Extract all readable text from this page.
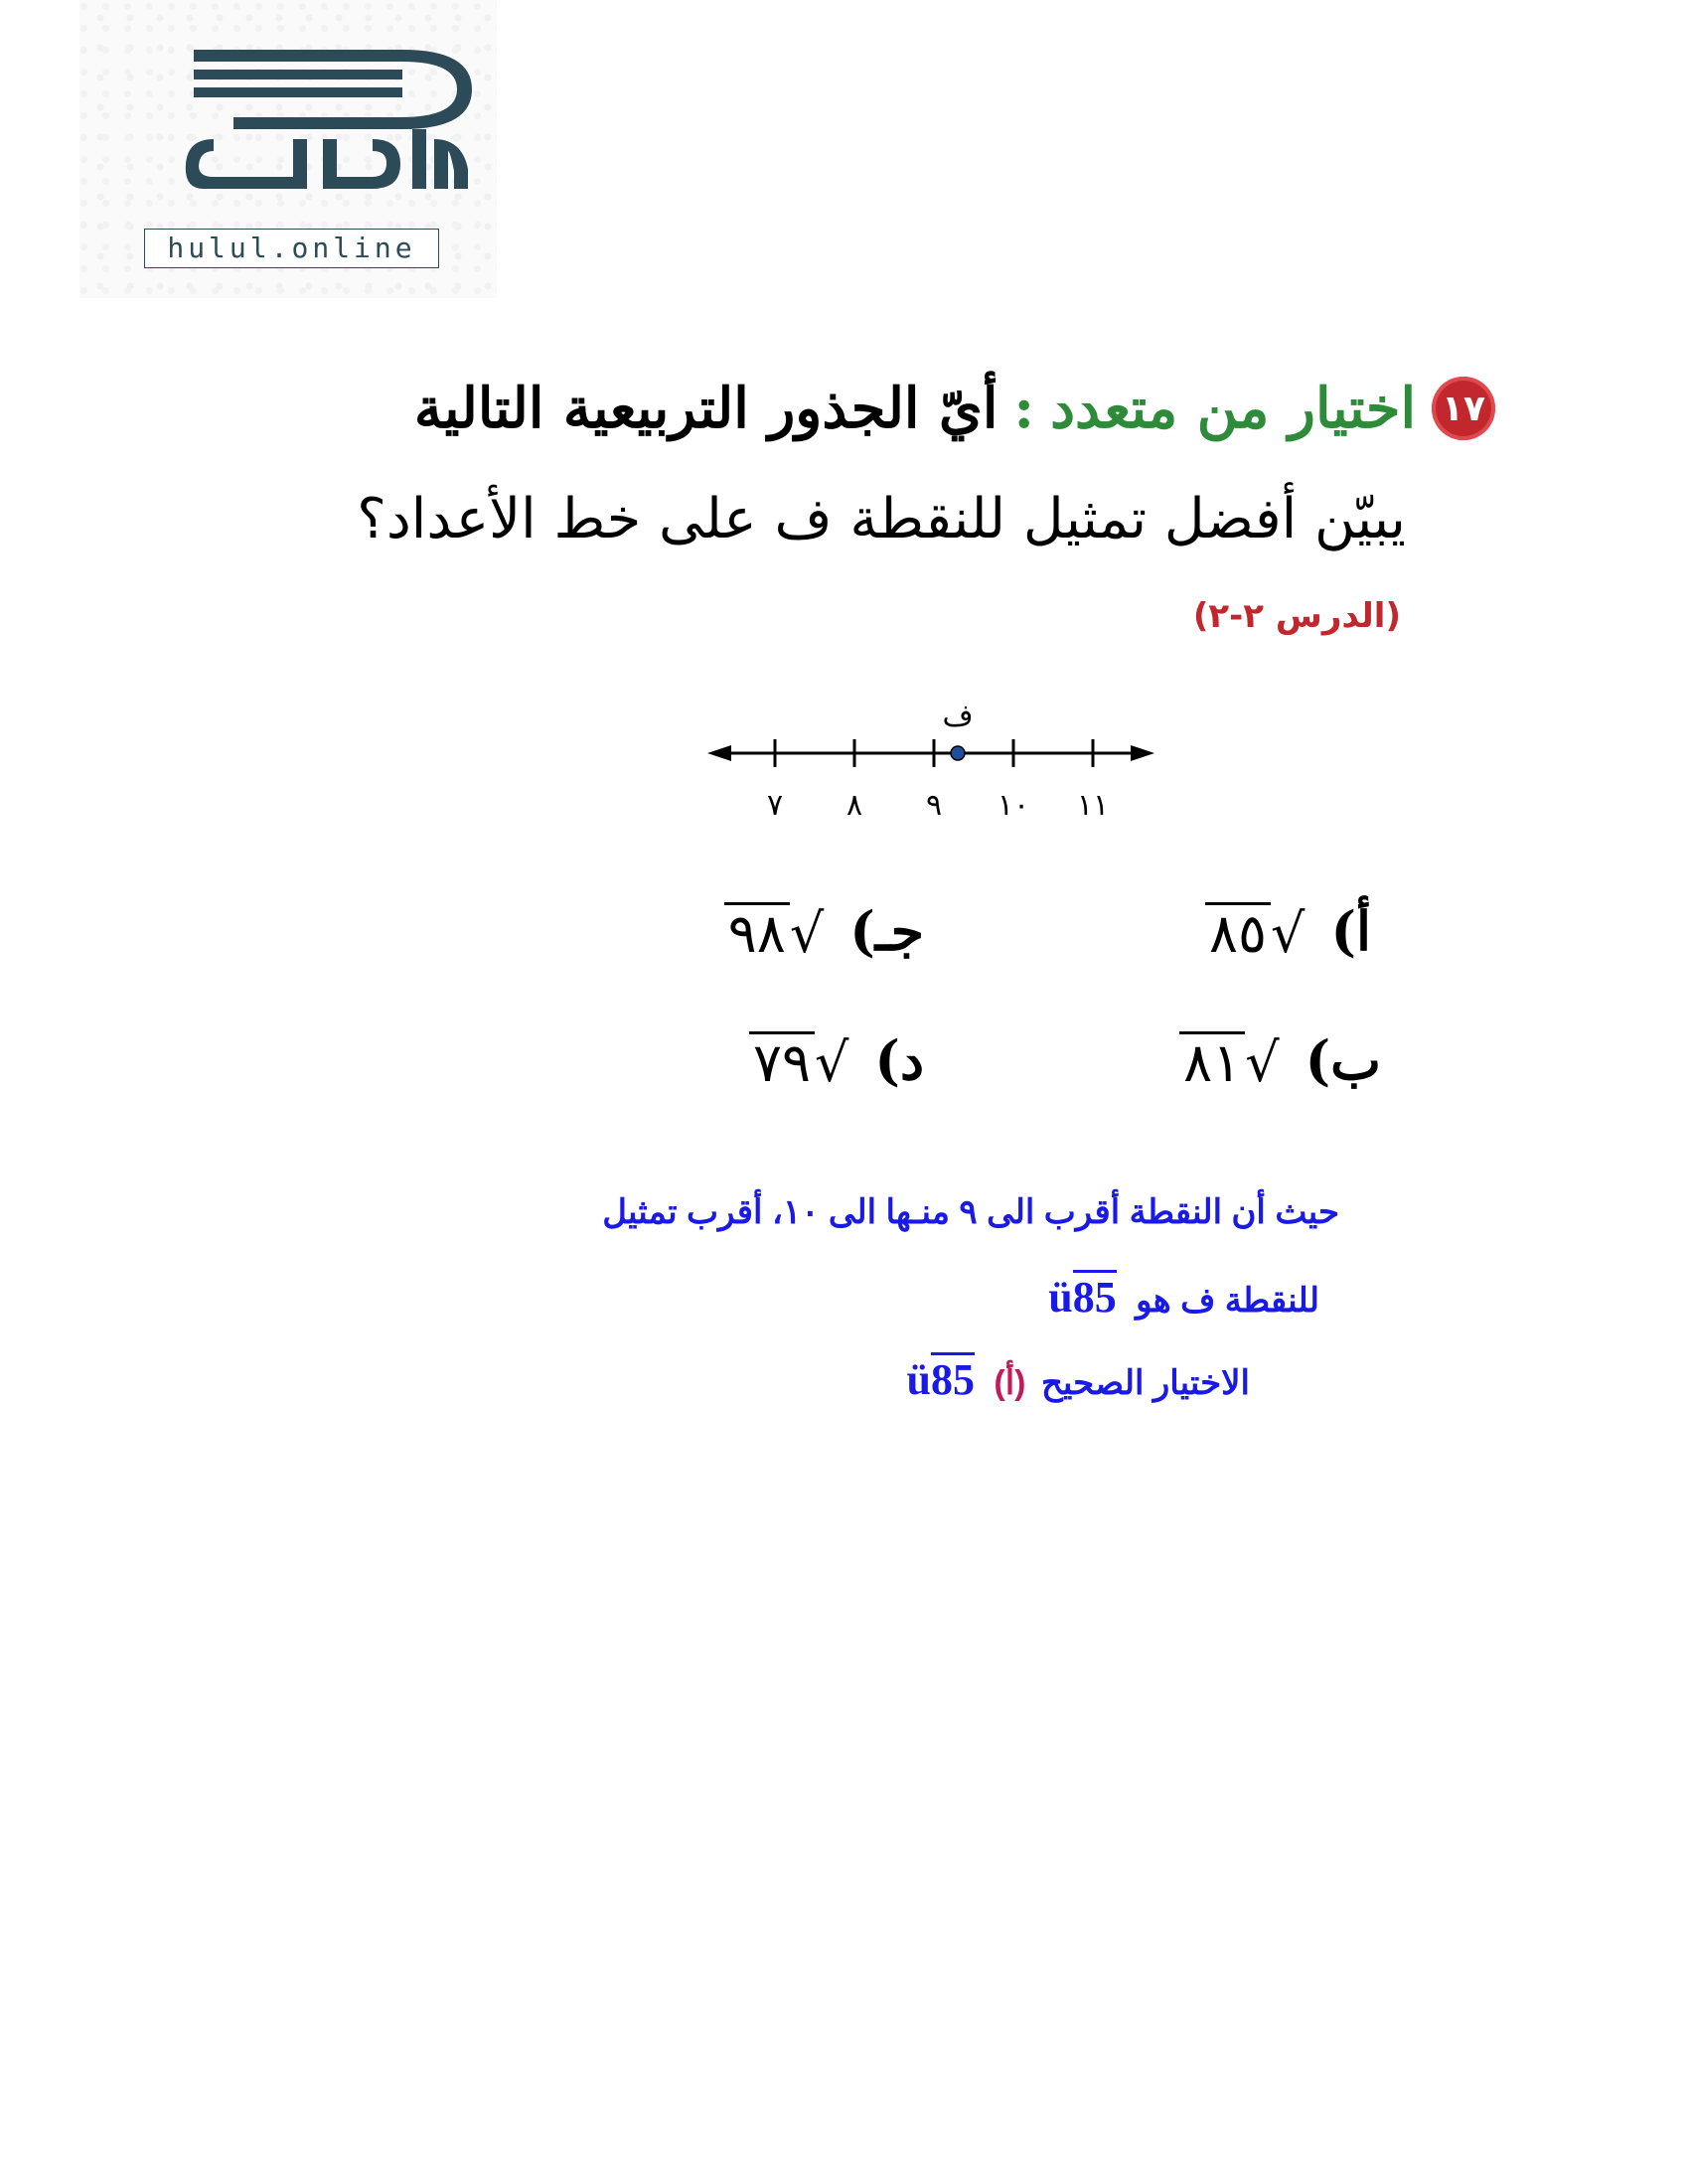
hulul.online
١٧
اختيار من متعدد
:
أيّ الجذور التربيعية التالية
يبيّن أفضل تمثيل للنقطة ف على خط الأعداد؟
(الدرس ٢-٢)
٧ ٨ ٩ ١٠ ١١
ف
أ)
٨٥ √
ب)
٨١ √
جـ)
٩٨ √
د)
٧٩ √
حيث أن النقطة أقرب الى ٩ منـها الى ١٠، أقرب تمثيل
للنقطة ف هو ü85
الاختيار الصحيح (أ) ü85
